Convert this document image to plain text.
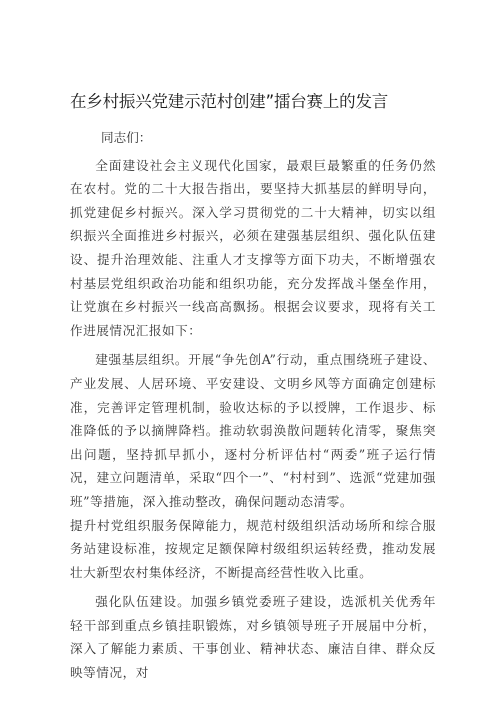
在乡村振兴党建示范村创建”擂台赛上的发言

同志们：

全面建设社会主义现代化国家，最艰巨最繁重的任务仍然在农村。党的二十大报告指出，要坚持大抓基层的鲜明导向，抓党建促乡村振兴。深入学习贯彻党的二十大精神，切实以组织振兴全面推进乡村振兴，必须在建强基层组织、强化队伍建设、提升治理效能、注重人才支撑等方面下功夫，不断增强农村基层党组织政治功能和组织功能，充分发挥战斗堡垒作用，让党旗在乡村振兴一线高高飘扬。根据会议要求，现将有关工作进展情况汇报如下：

建强基层组织。开展“争先创A”行动，重点围绕班子建设、产业发展、人居环境、平安建设、文明乡风等方面确定创建标准，完善评定管理机制，验收达标的予以授牌，工作退步、标准降低的予以摘牌降档。推动软弱涣散问题转化清零，聚焦突出问题，坚持抓早抓小，逐村分析评估村“两委”班子运行情况，建立问题清单，采取“四个一”、“村村到”、选派“党建加强班”等措施，深入推动整改，确保问题动态清零。

提升村党组织服务保障能力，规范村级组织活动场所和综合服务站建设标准，按规定足额保障村级组织运转经费，推动发展壮大新型农村集体经济，不断提高经营性收入比重。

强化队伍建设。加强乡镇党委班子建设，选派机关优秀年轻干部到重点乡镇挂职锻炼，对乡镇领导班子开展届中分析，深入了解能力素质、干事创业、精神状态、廉洁自律、群众反映等情况，对
